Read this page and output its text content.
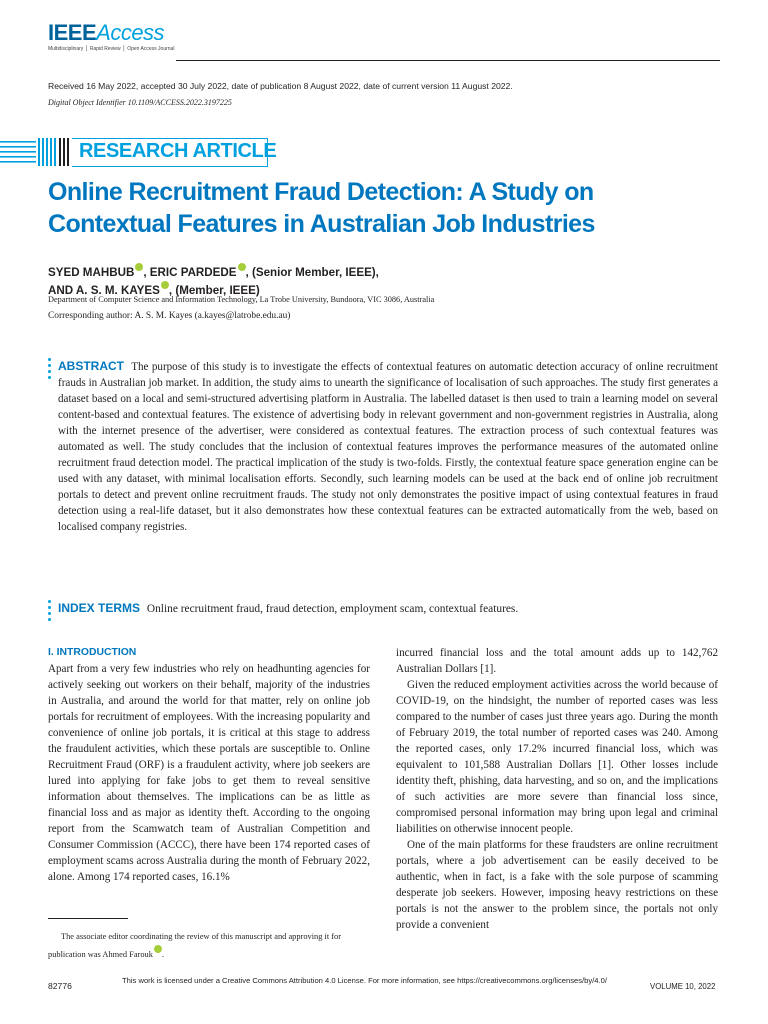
IEEEAccess
Multidisciplinary ⎪ Rapid Review ⎪ Open Access Journal
Received 16 May 2022, accepted 30 July 2022, date of publication 8 August 2022, date of current version 11 August 2022.
Digital Object Identifier 10.1109/ACCESS.2022.3197225
RESEARCH ARTICLE
Online Recruitment Fraud Detection: A Study on Contextual Features in Australian Job Industries
SYED MAHBUB , ERIC PARDEDE , (Senior Member, IEEE),
AND A. S. M. KAYES , (Member, IEEE)
Department of Computer Science and Information Technology, La Trobe University, Bundoora, VIC 3086, Australia
Corresponding author: A. S. M. Kayes (a.kayes@latrobe.edu.au)

ABSTRACT The purpose of this study is to investigate the effects of contextual features on automatic detection accuracy of online recruitment frauds in Australian job market. In addition, the study aims to unearth the significance of localisation of such approaches. The study first generates a dataset based on a local and semi-structured advertising platform in Australia. The labelled dataset is then used to train a learning model on several content-based and contextual features. The existence of advertising body in relevant government and non-government registries in Australia, along with the internet presence of the advertiser, were considered as contextual features. The extraction process of such contextual features was automated as well. The study concludes that the inclusion of contextual features improves the performance measures of the automated online recruitment fraud detection model. The practical implication of the study is two-folds. Firstly, the contextual feature space generation engine can be used with any dataset, with minimal localisation efforts. Secondly, such learning models can be used at the back end of online job recruitment portals to detect and prevent online recruitment frauds. The study not only demonstrates the positive impact of using contextual features in fraud detection using a real-life dataset, but it also demonstrates how these contextual features can be extracted automatically from the web, based on localised company registries.

INDEX TERMS Online recruitment fraud, fraud detection, employment scam, contextual features.

I. INTRODUCTION

Apart from a very few industries who rely on headhunting agencies for actively seeking out workers on their behalf, majority of the industries in Australia, and around the world for that matter, rely on online job portals for recruitment of employees. With the increasing popularity and convenience of online job portals, it is critical at this stage to address the fraudulent activities, which these portals are susceptible to. Online Recruitment Fraud (ORF) is a fraudulent activity, where job seekers are lured into applying for fake jobs to get them to reveal sensitive information about themselves. The implications can be as little as financial loss and as major as identity theft. According to the ongoing report from the Scamwatch team of Australian Competition and Consumer Commission (ACCC), there have been 174 reported cases of employment scams across Australia during the month of February 2022, alone. Among 174 reported cases, 16.1%

The associate editor coordinating the review of this manuscript and approving it for publication was Ahmed Farouk .

incurred financial loss and the total amount adds up to 142,762 Australian Dollars [1].

Given the reduced employment activities across the world because of COVID-19, on the hindsight, the number of reported cases was less compared to the number of cases just three years ago. During the month of February 2019, the total number of reported cases was 240. Among the reported cases, only 17.2% incurred financial loss, which was equivalent to 101,588 Australian Dollars [1]. Other losses include identity theft, phishing, data harvesting, and so on, and the implications of such activities are more severe than financial loss since, compromised personal information may bring upon legal and criminal liabilities on otherwise innocent people.

One of the main platforms for these fraudsters are online recruitment portals, where a job advertisement can be easily deceived to be authentic, when in fact, is a fake with the sole purpose of scamming desperate job seekers. However, imposing heavy restrictions on these portals is not the answer to the problem since, the portals not only provide a convenient

82776
This work is licensed under a Creative Commons Attribution 4.0 License. For more information, see https://creativecommons.org/licenses/by/4.0/
VOLUME 10, 2022
